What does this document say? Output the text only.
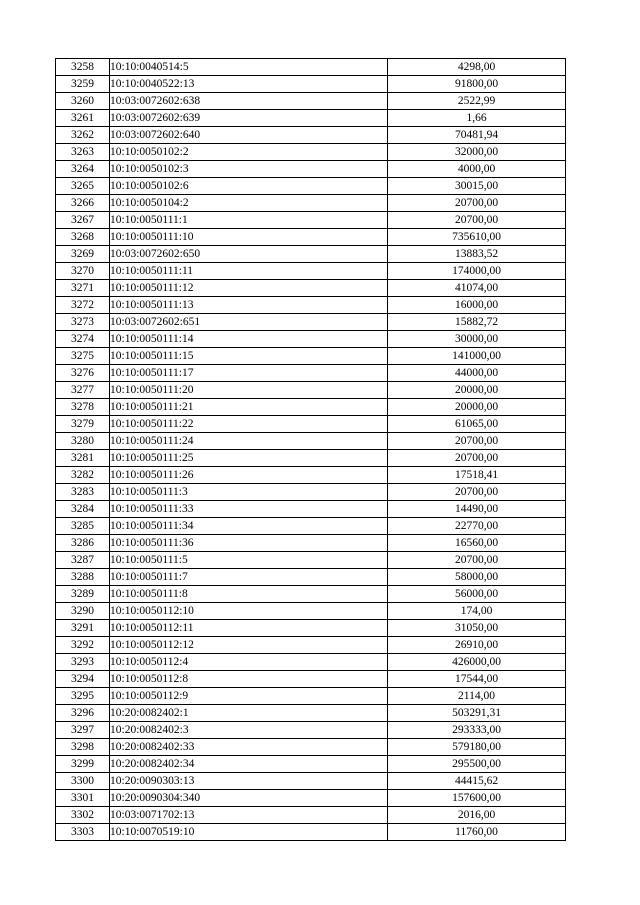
3258	10:10:0040514:5	4298,00
3259	10:10:0040522:13	91800,00
3260	10:03:0072602:638	2522,99
3261	10:03:0072602:639	1,66
3262	10:03:0072602:640	70481,94
3263	10:10:0050102:2	32000,00
3264	10:10:0050102:3	4000,00
3265	10:10:0050102:6	30015,00
3266	10:10:0050104:2	20700,00
3267	10:10:0050111:1	20700,00
3268	10:10:0050111:10	735610,00
3269	10:03:0072602:650	13883,52
3270	10:10:0050111:11	174000,00
3271	10:10:0050111:12	41074,00
3272	10:10:0050111:13	16000,00
3273	10:03:0072602:651	15882,72
3274	10:10:0050111:14	30000,00
3275	10:10:0050111:15	141000,00
3276	10:10:0050111:17	44000,00
3277	10:10:0050111:20	20000,00
3278	10:10:0050111:21	20000,00
3279	10:10:0050111:22	61065,00
3280	10:10:0050111:24	20700,00
3281	10:10:0050111:25	20700,00
3282	10:10:0050111:26	17518,41
3283	10:10:0050111:3	20700,00
3284	10:10:0050111:33	14490,00
3285	10:10:0050111:34	22770,00
3286	10:10:0050111:36	16560,00
3287	10:10:0050111:5	20700,00
3288	10:10:0050111:7	58000,00
3289	10:10:0050111:8	56000,00
3290	10:10:0050112:10	174,00
3291	10:10:0050112:11	31050,00
3292	10:10:0050112:12	26910,00
3293	10:10:0050112:4	426000,00
3294	10:10:0050112:8	17544,00
3295	10:10:0050112:9	2114,00
3296	10:20:0082402:1	503291,31
3297	10:20:0082402:3	293333,00
3298	10:20:0082402:33	579180,00
3299	10:20:0082402:34	295500,00
3300	10:20:0090303:13	44415,62
3301	10:20:0090304:340	157600,00
3302	10:03:0071702:13	2016,00
3303	10:10:0070519:10	11760,00
